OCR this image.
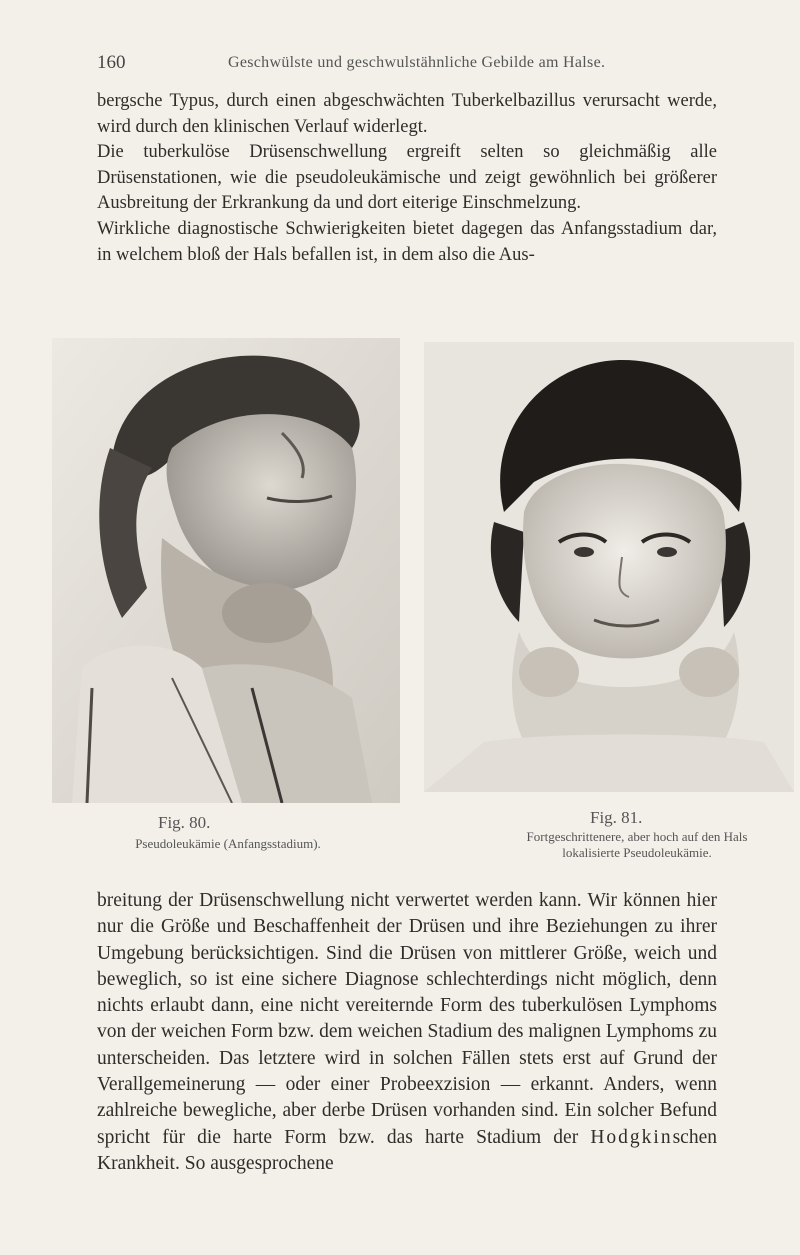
160	Geschwülste und geschwulstähnliche Gebilde am Halse.

bergsche Typus, durch einen abgeschwächten Tuberkelbazillus verursacht werde, wird durch den klinischen Verlauf widerlegt.

Die tuberkulöse Drüsenschwellung ergreift selten so gleichmäßig alle Drüsenstationen, wie die pseudoleukämische und zeigt gewöhnlich bei größerer Ausbreitung der Erkrankung da und dort eiterige Einschmelzung.

Wirkliche diagnostische Schwierigkeiten bietet dagegen das Anfangsstadium dar, in welchem bloß der Hals befallen ist, in dem also die Aus-

Fig. 80.
Pseudoleukämie (Anfangsstadium).
Fig. 81.
Fortgeschrittenere, aber hoch auf den Hals
lokalisierte Pseudoleukämie.

breitung der Drüsenschwellung nicht verwertet werden kann. Wir können hier nur die Größe und Beschaffenheit der Drüsen und ihre Beziehungen zu ihrer Umgebung berücksichtigen. Sind die Drüsen von mittlerer Größe, weich und beweglich, so ist eine sichere Diagnose schlechterdings nicht möglich, denn nichts erlaubt dann, eine nicht vereiternde Form des tuberkulösen Lymphoms von der weichen Form bzw. dem weichen Stadium des malignen Lymphoms zu unterscheiden. Das letztere wird in solchen Fällen stets erst auf Grund der Verallgemeinerung — oder einer Probeexzision — erkannt. Anders, wenn zahlreiche bewegliche, aber derbe Drüsen vorhanden sind. Ein solcher Befund spricht für die harte Form bzw. das harte Stadium der Hodgkinschen Krankheit. So ausgesprochene
